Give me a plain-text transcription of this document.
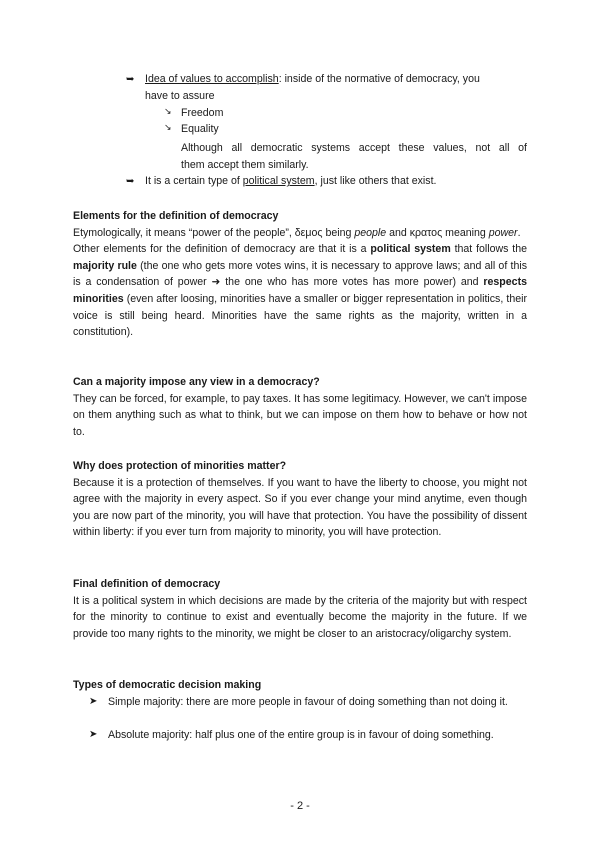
➥ Idea of values to accomplish: inside of the normative of democracy, you
have to assure
↘ Freedom
↘ Equality
Although all democratic systems accept these values, not all of
them accept them similarly.
➥ It is a certain type of political system, just like others that exist.

Elements for the definition of democracy

Etymologically, it means “power of the people”, δεμος being people and κρατος meaning power.

Other elements for the definition of democracy are that it is a political system that follows the majority rule (the one who gets more votes wins, it is necessary to approve laws; and all of this is a condensation of power ➜ the one who has more votes has more power) and respects minorities (even after loosing, minorities have a smaller or bigger representation in politics, their voice is still being heard. Minorities have the same rights as the majority, written in a constitution).

Can a majority impose any view in a democracy?

They can be forced, for example, to pay taxes. It has some legitimacy. However, we can't impose on them anything such as what to think, but we can impose on them how to behave or how not to.

Why does protection of minorities matter?

Because it is a protection of themselves. If you want to have the liberty to choose, you might not agree with the majority in every aspect. So if you ever change your mind anytime, even though you are now part of the minority, you will have that protection. You have the possibility of dissent within liberty: if you ever turn from majority to minority, you will have protection.

Final definition of democracy

It is a political system in which decisions are made by the criteria of the majority but with respect for the minority to continue to exist and eventually become the majority in the future. If we provide too many rights to the minority, we might be closer to an aristocracy/oligarchy system.

Types of democratic decision making

➤ Simple majority: there are more people in favour of doing something than not doing it.
➤ Absolute majority: half plus one of the entire group is in favour of doing something.
- 2 -
